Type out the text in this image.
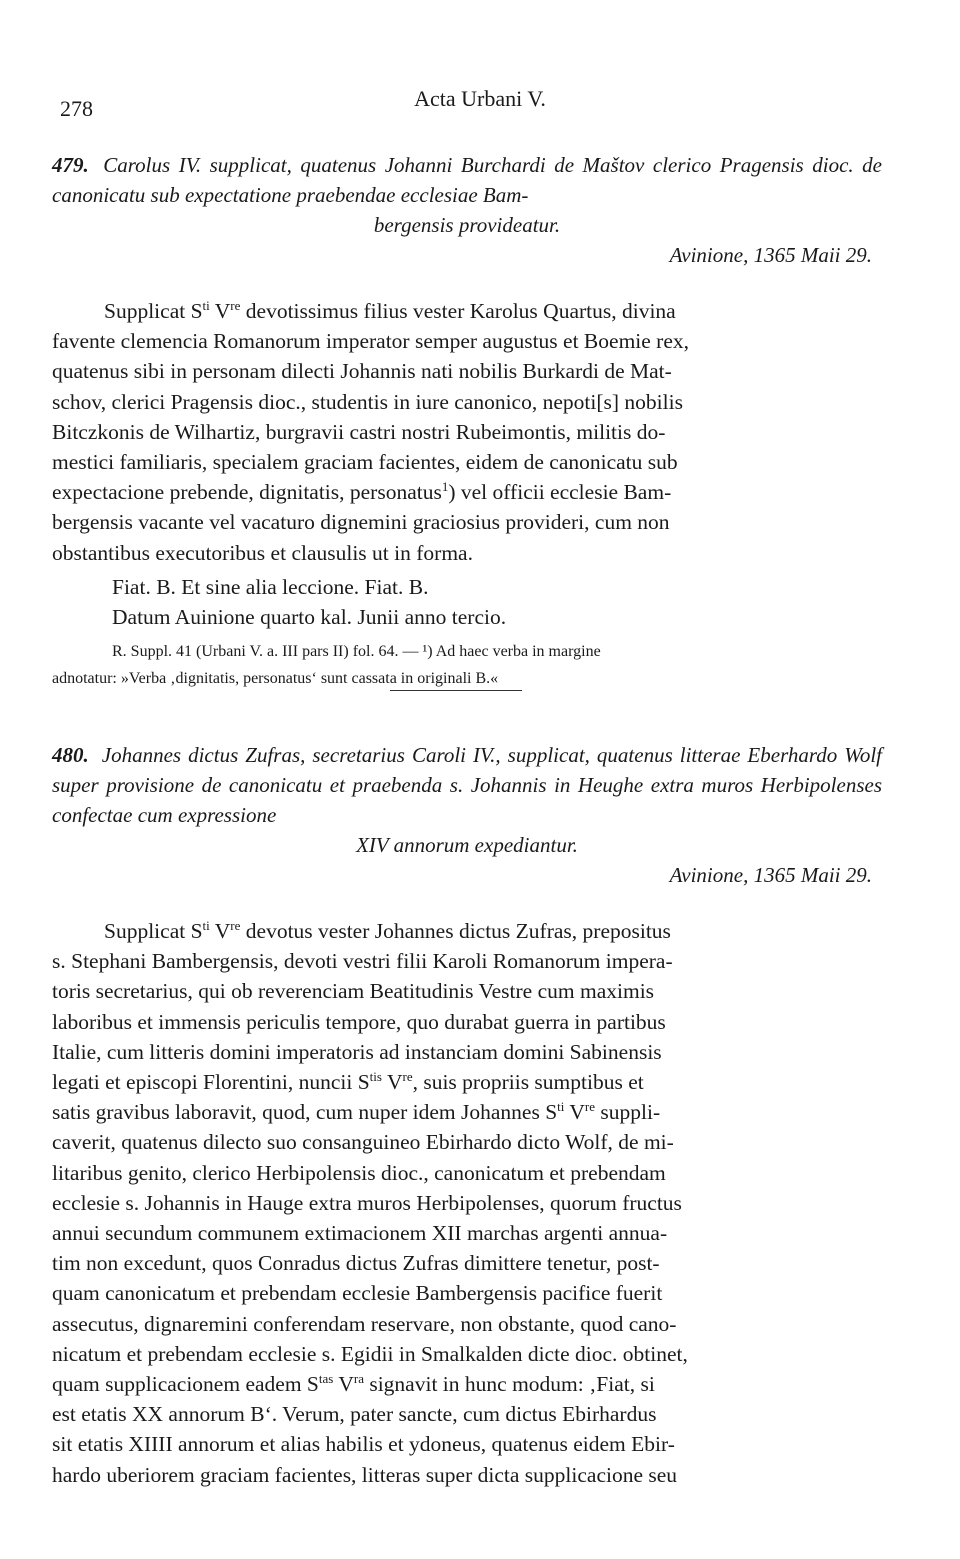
278	Acta Urbani V.

479. Carolus IV. supplicat, quatenus Johanni Burchardi de Maštov clerico Pragensis dioc. de canonicatu sub expectatione praebendae ecclesiae Bam-
bergensis provideatur.

Avinione, 1365 Maii 29.

Supplicat $S^{ti}$ Vre devotissimus filius vester Karolus Quartus, divina
favente clemencia Romanorum imperator semper augustus et Boemie rex,
quatenus sibi in personam dilecti Johannis nati nobilis Burkardi de Mat-
schov, clerici Pragensis dioc., studentis in iure canonico, nepoti[s] nobilis
Bitczkonis de Wilhartiz, burgravii castri nostri Rubeimontis, militis do-
mestici familiaris, specialem graciam facientes, eidem de canonicatu sub
expectacione prebende, dignitatis, personatus$^1$) vel officii ecclesie Bam-
bergensis vacante vel vacaturo dignemini graciosius provideri, cum non
obstantibus executoribus et clausulis ut in forma.

Fiat. B. Et sine alia leccione. Fiat. B.

Datum Auinione quarto kal. Junii anno tercio.

R. Suppl. 41 (Urbani V. a. III pars II) fol. 64. — ¹) Ad haec verba in margine
adnotatur: »Verba ‚dignitatis, personatus‘ sunt cassata in originali B.«

480. Johannes dictus Zufras, secretarius Caroli IV., supplicat, quatenus litterae Eberhardo Wolf super provisione de canonicatu et praebenda s. Johannis in Heughe extra muros Herbipolenses confectae cum expressione
XIV annorum expediantur.

Avinione, 1365 Maii 29.

Supplicat $S^{ti}$ Vre devotus vester Johannes dictus Zufras, prepositus
s. Stephani Bambergensis, devoti vestri filii Karoli Romanorum impera-
toris secretarius, qui ob reverenciam Beatitudinis Vestre cum maximis
laboribus et immensis periculis tempore, quo durabat guerra in partibus
Italie, cum litteris domini imperatoris ad instanciam domini Sabinensis
legati et episcopi Florentini, nuncii $S^{tis}$ Vre, suis propriis sumptibus et
satis gravibus laboravit, quod, cum nuper idem Johannes $S^{ti}$ Vre suppli-
caverit, quatenus dilecto suo consanguineo Ebirhardo dicto Wolf, de mi-
litaribus genito, clerico Herbipolensis dioc., canonicatum et prebendam
ecclesie s. Johannis in Hauge extra muros Herbipolenses, quorum fructus
annui secundum communem extimacionem XII marchas argenti annua-
tim non excedunt, quos Conradus dictus Zufras dimittere tenetur, post-
quam canonicatum et prebendam ecclesie Bambergensis pacifice fuerit
assecutus, dignaremini conferendam reservare, non obstante, quod cano-
nicatum et prebendam ecclesie s. Egidii in Smalkalden dicte dioc. obtinet,
quam supplicacionem eadem $S^{tas}$ $V^{ra}$ signavit in hunc modum: ‚Fiat, si
est etatis XX annorum B‘. Verum, pater sancte, cum dictus Ebirhardus
sit etatis XIIII annorum et alias habilis et ydoneus, quatenus eidem Ebir-
hardo uberiorem graciam facientes, litteras super dicta supplicacione seu
